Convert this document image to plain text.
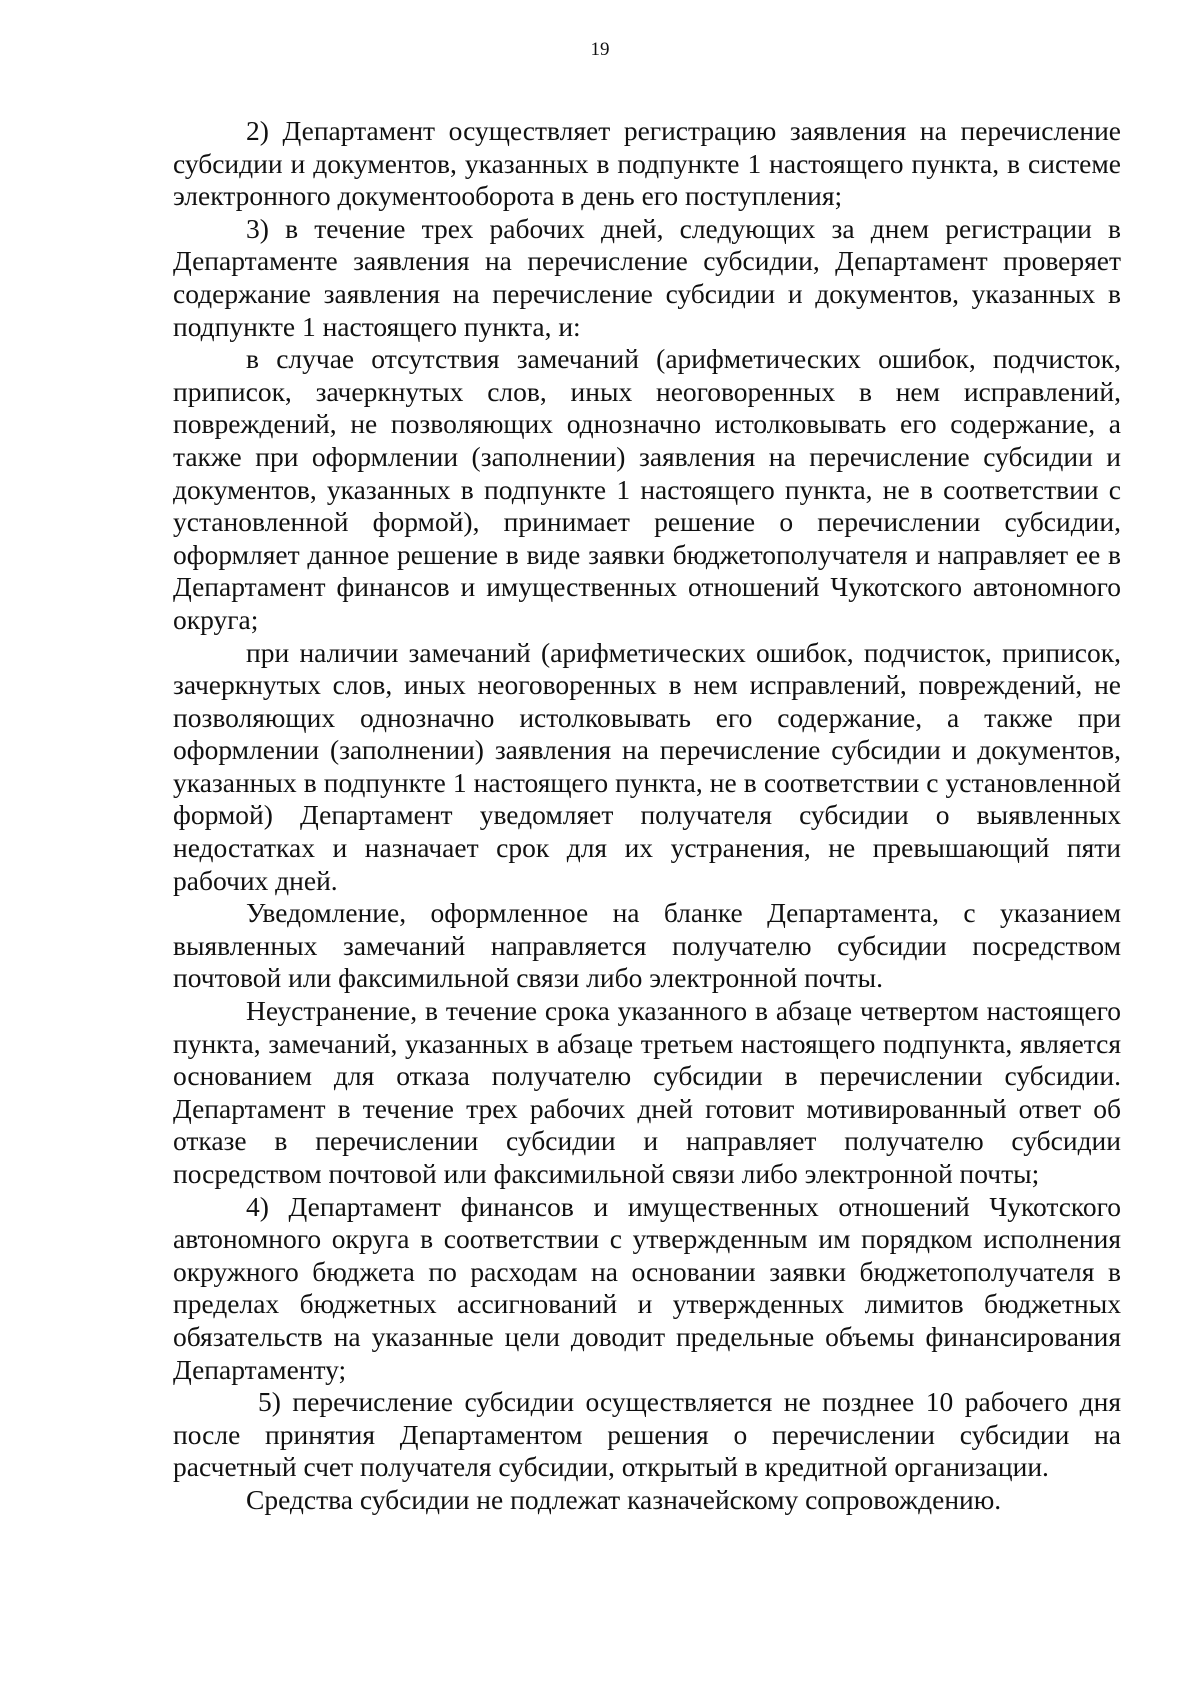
19

2) Департамент осуществляет регистрацию заявления на перечисление субсидии и документов, указанных в подпункте 1 настоящего пункта, в системе электронного документооборота в день его поступления;

3) в течение трех рабочих дней, следующих за днем регистрации в Департаменте заявления на перечисление субсидии, Департамент проверяет содержание заявления на перечисление субсидии и документов, указанных в подпункте 1 настоящего пункта, и:

в случае отсутствия замечаний (арифметических ошибок, подчисток, приписок, зачеркнутых слов, иных неоговоренных в нем исправлений, повреждений, не позволяющих однозначно истолковывать его содержание, а также при оформлении (заполнении) заявления на перечисление субсидии и документов, указанных в подпункте 1 настоящего пункта, не в соответствии с установленной формой), принимает решение о перечислении субсидии, оформляет данное решение в виде заявки бюджетополучателя и направляет ее в Департамент финансов и имущественных отношений Чукотского автономного округа;

при наличии замечаний (арифметических ошибок, подчисток, приписок, зачеркнутых слов, иных неоговоренных в нем исправлений, повреждений, не позволяющих однозначно истолковывать его содержание, а также при оформлении (заполнении) заявления на перечисление субсидии и документов, указанных в подпункте 1 настоящего пункта, не в соответствии с установленной формой) Департамент уведомляет получателя субсидии о выявленных недостатках и назначает срок для их устранения, не превышающий пяти рабочих дней.

Уведомление, оформленное на бланке Департамента, с указанием выявленных замечаний направляется получателю субсидии посредством почтовой или факсимильной связи либо электронной почты.

Неустранение, в течение срока указанного в абзаце четвертом настоящего пункта, замечаний, указанных в абзаце третьем настоящего подпункта, является основанием для отказа получателю субсидии в перечислении субсидии. Департамент в течение трех рабочих дней готовит мотивированный ответ об отказе в перечислении субсидии и направляет получателю субсидии посредством почтовой или факсимильной связи либо электронной почты;

4) Департамент финансов и имущественных отношений Чукотского автономного округа в соответствии с утвержденным им порядком исполнения окружного бюджета по расходам на основании заявки бюджетополучателя в пределах бюджетных ассигнований и утвержденных лимитов бюджетных обязательств на указанные цели доводит предельные объемы финансирования Департаменту;

5) перечисление субсидии осуществляется не позднее 10 рабочего дня после принятия Департаментом решения о перечислении субсидии на расчетный счет получателя субсидии, открытый в кредитной организации.

Средства субсидии не подлежат казначейскому сопровождению.
